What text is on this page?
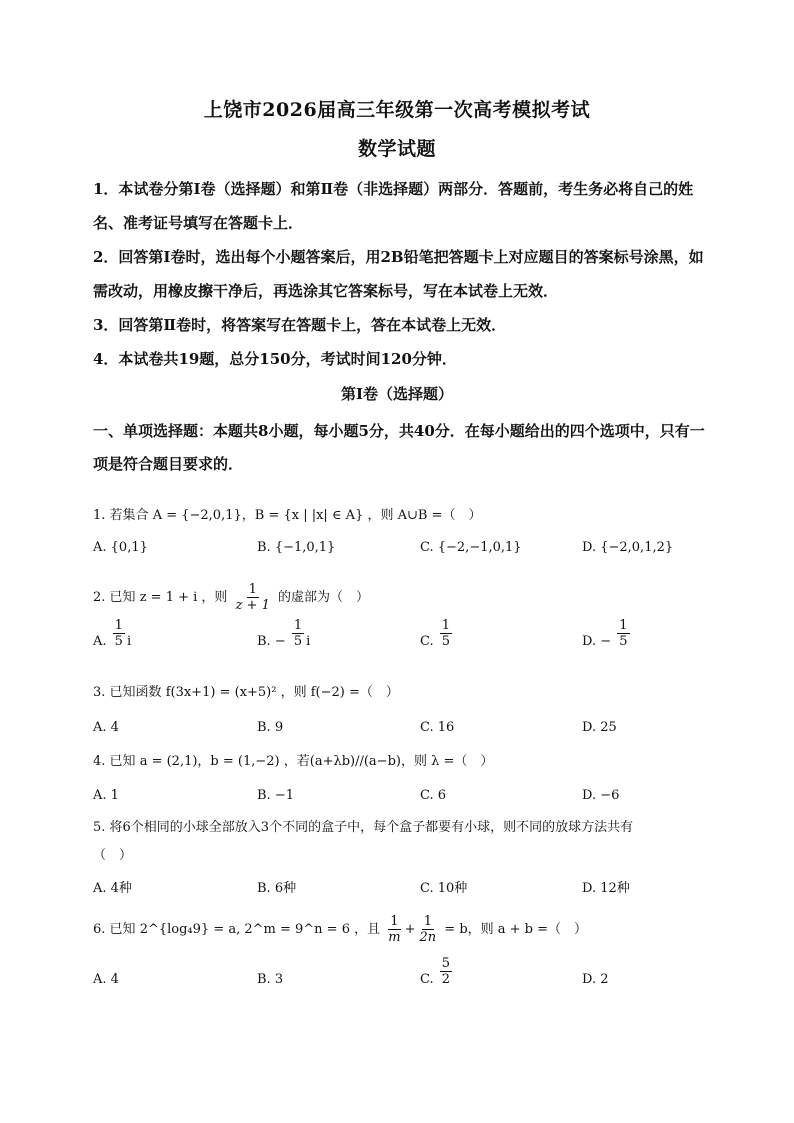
上饶市2026届高三年级第一次高考模拟考试
数学试题
1．本试卷分第Ⅰ卷（选择题）和第Ⅱ卷（非选择题）两部分．答题前，考生务必将自己的姓名、准考证号填写在答题卡上．
2．回答第Ⅰ卷时，选出每个小题答案后，用2B铅笔把答题卡上对应题目的答案标号涂黑，如需改动，用橡皮擦干净后，再选涂其它答案标号，写在本试卷上无效．
3．回答第Ⅱ卷时，将答案写在答题卡上，答在本试卷上无效．
4．本试卷共19题，总分150分，考试时间120分钟．
第Ⅰ卷（选择题）
一、单项选择题：本题共8小题，每小题5分，共40分．在每小题给出的四个选项中，只有一项是符合题目要求的．
1. 若集合 A = {−2,0,1}，B = {x | |x| ∈ A} ，则 A∪B =（　）
A. {0,1}	B. {−1,0,1}	C. {−2,−1,0,1}	D. {−2,0,1,2}
2. 已知 z = 1 + i ，则 $\frac{1}{z + 1}$ 的虚部为（　）
A. $\frac{1}{5}$ i	B. − $\frac{1}{5}$ i	C. $\frac{1}{5}$	D. − $\frac{1}{5}$
3. 已知函数 f(3x+1) = (x+5)² ，则 f(−2) =（　）
A. 4	B. 9	C. 16	D. 25
4. 已知 a = (2,1)，b = (1,−2) ，若(a+λb)//(a−b)，则 λ =（　）
A. 1	B. −1	C. 6	D. −6
5. 将6个相同的小球全部放入3个不同的盒子中，每个盒子都要有小球，则不同的放球方法共有
（　）
A. 4种	B. 6种	C. 10种	D. 12种
6. 已知 2^{log₄9} = a, 2^m = 9^n = 6 ，且 $\frac{1}{m} + \frac{1}{2n} = b$，则 a + b =（　）
A. 4	B. 3	C. $\frac{5}{2}$	D. 2
